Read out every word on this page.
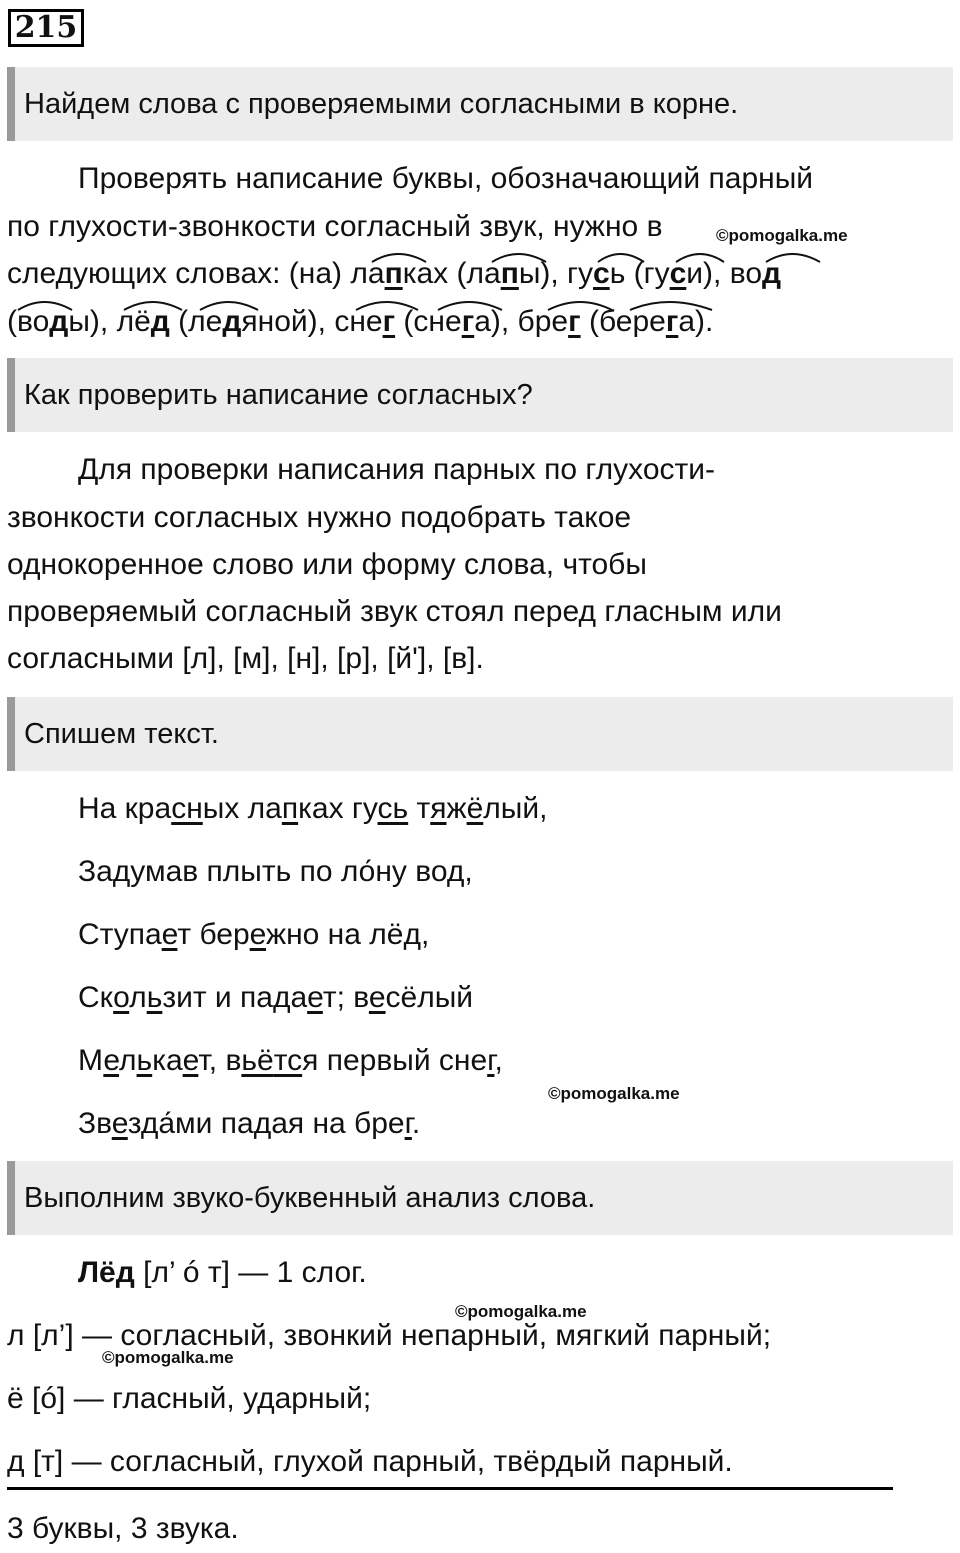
215
Найдем слова с проверяемыми согласными в корне.
Проверять написание буквы, обозначающий парный
по глухости-звонкости согласный звук, нужно в	©pomogalka.me
следующих словах: (на) лапках (лапы), гусь (гуси), вод
(воды), лёд (ледяной), снег (снега), брег (берега).
Как проверить написание согласных?
Для проверки написания парных по глухости-
звонкости согласных нужно подобрать такое
однокоренное слово или форму слова, чтобы
проверяемый согласный звук стоял перед гласным или
согласными [л], [м], [н], [р], [й'], [в].
Спишем текст.
На красных лапках гусь тяжёлый,
Задумав плыть по ло́ну вод,
Ступает бережно на лёд,
Скользит и падает; весёлый
Мелькает, вьётся первый снег,
©pomogalka.me
Звезда́ми падая на брег.
Выполним звуко-буквенный анализ слова.
Лёд [л’ ó т] — 1 слог.
©pomogalka.me
л [л’] — согласный, звонкий непарный, мягкий парный;
©pomogalka.me
ё [ó] — гласный, ударный;
д [т] — согласный, глухой парный, твёрдый парный.
3 буквы, 3 звука.
